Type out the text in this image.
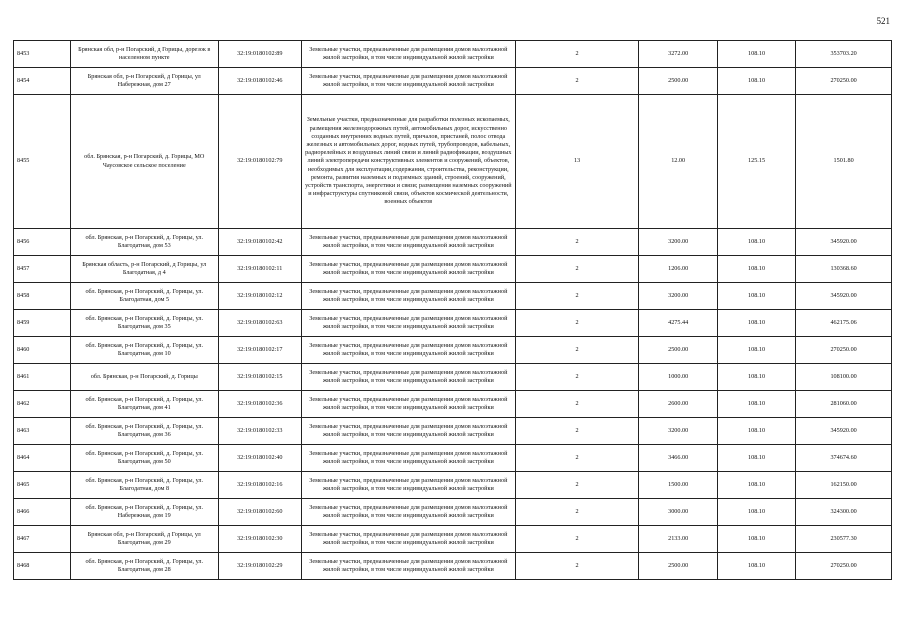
521
8453	Брянская обл, р-н Погарский, д Горицы, дорезок в населенном пункте	32:19:0180102:89	Земельные участки, предназначенные для размещения домов малоэтажной жилой застройки, в том числе индивидуальной жилой застройки	2	3272.00	108.10	353703.20
8454	Брянская обл, р-н Погарский, д Горицы, ул Набережная, дом 27	32:19:0180102:46	Земельные участки, предназначенные для размещения домов малоэтажной жилой застройки, в том числе индивидуальной жилой застройки	2	2500.00	108.10	270250.00
8455	обл. Брянская, р-н Погарский, д. Горицы, МО Чаусовское сельское поселение	32:19:0180102:79	Земельные участки, предназначенные для разработки полезных ископаемых, размещения железнодорожных путей, автомобильных дорог, искусственно созданных внутренних водных путей, причалов, пристаней, полос отвода железных и автомобильных дорог, водных путей, трубопроводов, кабельных, радиорелейных и воздушных линий связи и линий радиофикации, воздушных линий электропередачи конструктивных элементов и сооружений, объектов, необходимых для эксплуатации,содержания, строительства, реконструкции, ремонта, развития наземных и подземных зданий, строений, сооружений, устройств транспорта, энергетики и связи; размещения наземных сооружений и инфраструктуры спутниковой связи, объектов космической деятельности, военных объектов	13	12.00	125.15	1501.80
8456	обл. Брянская, р-н Погарский, д. Горицы, ул. Благодатная, дом 53	32:19:0180102:42	Земельные участки, предназначенные для размещения домов малоэтажной жилой застройки, в том числе индивидуальной жилой застройки	2	3200.00	108.10	345920.00
8457	Брянская область, р-н Погарский, д Горицы, ул Благодатная, д 4	32:19:0180102:11	Земельные участки, предназначенные для размещения домов малоэтажной жилой застройки, в том числе индивидуальной жилой застройки	2	1206.00	108.10	130368.60
8458	обл. Брянская, р-н Погарский, д. Горицы, ул. Благодатная, дом 5	32:19:0180102:12	Земельные участки, предназначенные для размещения домов малоэтажной жилой застройки, в том числе индивидуальной жилой застройки	2	3200.00	108.10	345920.00
8459	обл. Брянская, р-н Погарский, д. Горицы, ул. Благодатная, дом 35	32:19:0180102:63	Земельные участки, предназначенные для размещения домов малоэтажной жилой застройки, в том числе индивидуальной жилой застройки	2	4275.44	108.10	462175.06
8460	обл. Брянская, р-н Погарский, д. Горицы, ул. Благодатная, дом 10	32:19:0180102:17	Земельные участки, предназначенные для размещения домов малоэтажной жилой застройки, в том числе индивидуальной жилой застройки	2	2500.00	108.10	270250.00
8461	обл. Брянская, р-н Погарский, д. Горицы	32:19:0180102:15	Земельные участки, предназначенные для размещения домов малоэтажной жилой застройки, в том числе индивидуальной жилой застройки	2	1000.00	108.10	108100.00
8462	обл. Брянская, р-н Погарский, д. Горицы, ул. Благодатная, дом 41	32:19:0180102:36	Земельные участки, предназначенные для размещения домов малоэтажной жилой застройки, в том числе индивидуальной жилой застройки	2	2600.00	108.10	281060.00
8463	обл. Брянская, р-н Погарский, д. Горицы, ул. Благодатная, дом 36	32:19:0180102:33	Земельные участки, предназначенные для размещения домов малоэтажной жилой застройки, в том числе индивидуальной жилой застройки	2	3200.00	108.10	345920.00
8464	обл. Брянская, р-н Погарский, д. Горицы, ул. Благодатная, дом 50	32:19:0180102:40	Земельные участки, предназначенные для размещения домов малоэтажной жилой застройки, в том числе индивидуальной жилой застройки	2	3466.00	108.10	374674.60
8465	обл. Брянская, р-н Погарский, д. Горицы, ул. Благодатная, дом 8	32:19:0180102:16	Земельные участки, предназначенные для размещения домов малоэтажной жилой застройки, в том числе индивидуальной жилой застройки	2	1500.00	108.10	162150.00
8466	обл. Брянская, р-н Погарский, д. Горицы, ул. Набережная, дом 19	32:19:0180102:60	Земельные участки, предназначенные для размещения домов малоэтажной жилой застройки, в том числе индивидуальной жилой застройки	2	3000.00	108.10	324300.00
8467	Брянская обл, р-н Погарский, д Горицы, ул Благодатная, дом 29	32:19:0180102:30	Земельные участки, предназначенные для размещения домов малоэтажной жилой застройки, в том числе индивидуальной жилой застройки	2	2133.00	108.10	230577.30
8468	обл. Брянская, р-н Погарский, д. Горицы, ул. Благодатная, дом 28	32:19:0180102:29	Земельные участки, предназначенные для размещения домов малоэтажной жилой застройки, в том числе индивидуальной жилой застройки	2	2500.00	108.10	270250.00
